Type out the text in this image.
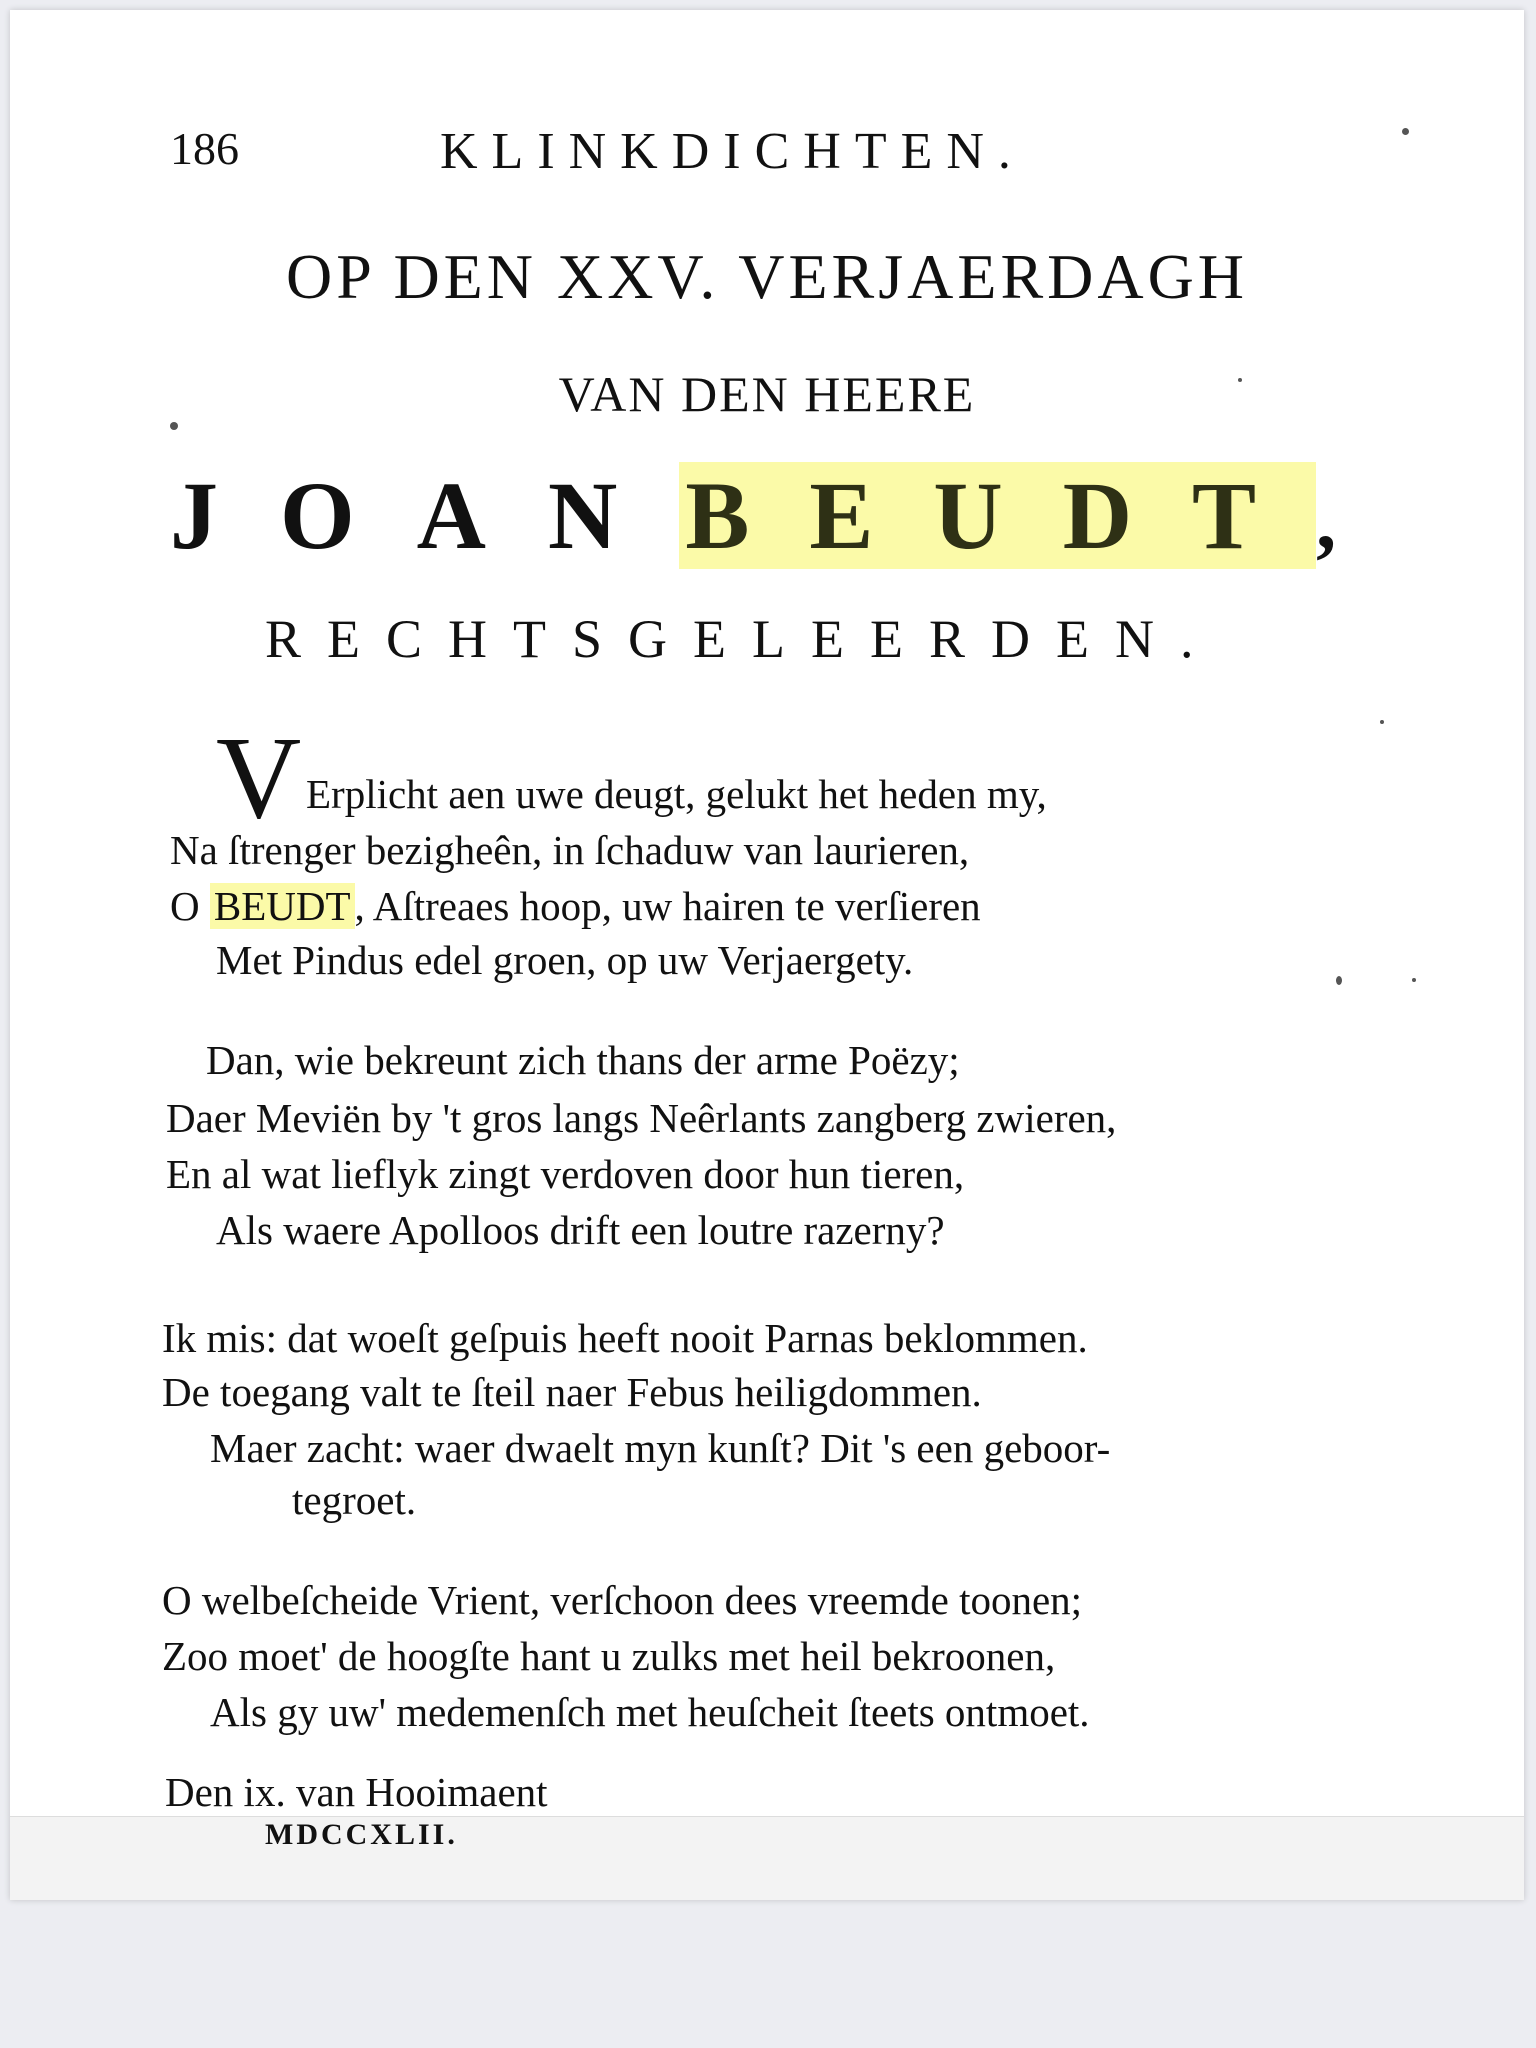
186	KLINKDICHTEN.
OP DEN XXV. VERJAERDAGH
VAN DEN HEERE
JOANBEUDT,
RECHTSGELEERDEN.
V Erplicht aen uwe deugt, gelukt het heden my,
Na ſtrenger bezigheên, in ſchaduw van laurieren,
O BEUDT, Aſtreaes hoop, uw hairen te verſieren
Met Pindus edel groen, op uw Verjaergety.
Dan, wie bekreunt zich thans der arme Poëzy;
Daer Meviën by 't gros langs Neêrlants zangberg zwieren,
En al wat lieflyk zingt verdoven door hun tieren,
Als waere Apolloos drift een loutre razerny?
Ik mis: dat woeſt geſpuis heeft nooit Parnas beklommen.
De toegang valt te ſteil naer Febus heiligdommen.
Maer zacht: waer dwaelt myn kunſt? Dit 's een geboor-
tegroet.
O welbeſcheide Vrient, verſchoon dees vreemde toonen;
Zoo moet' de hoogſte hant u zulks met heil bekroonen,
Als gy uw' medemenſch met heuſcheit ſteets ontmoet.
Den ix. van Hooimaent
MDCCXLII.
